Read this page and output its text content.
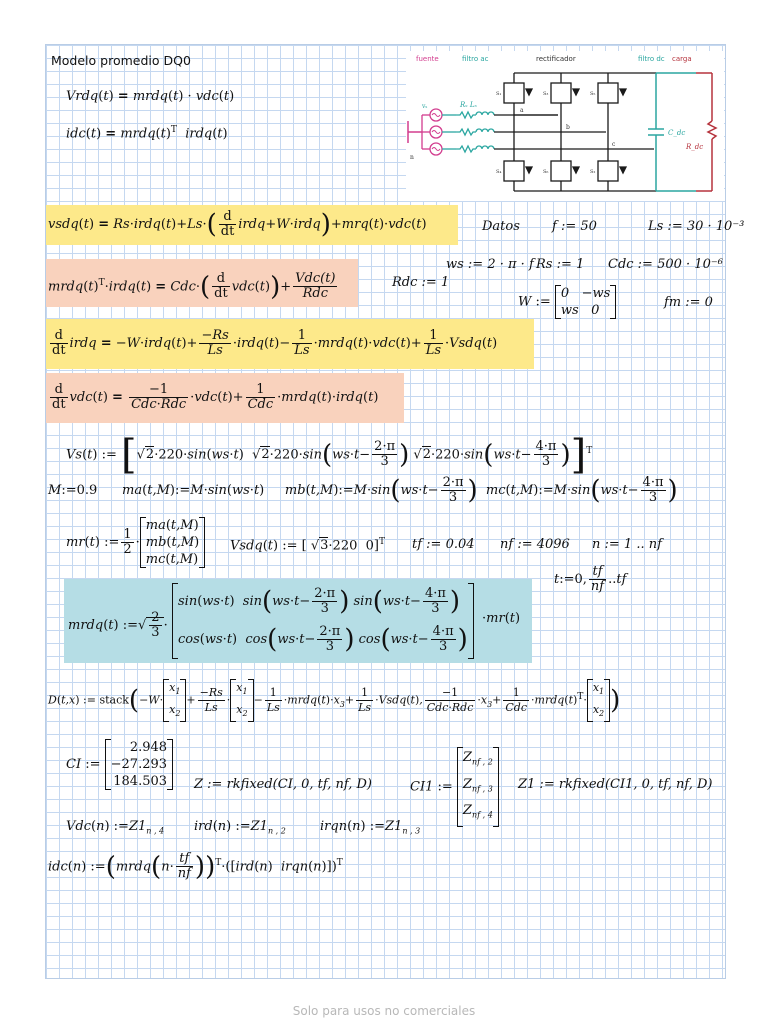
Modelo promedio DQ0
Vrdq(t) = mrdq(t) · vdc(t)
$idc(t) = mrdq(t)^T$  irdq(t)
fuente	filtro ac	rectificador	filtro dc carga
n
vₛ	Rₛ Lₛ
a
b
c
S₁	S₃	S₅
S₄	S₆	S₂
C_dc
R_dc
vsdq(t) = Rs·irdq(t)+Ls·( $\frac{d}{dt}$ irdq+W·irdq)+mrq(t)·vdc(t)	Datos f := 50	Ls := 30 · 10⁻³
$mrdq(t)^T\cdot irdq(t) = Cdc\cdot( \frac{d}{dt} vdc(t))+ \frac{\text{Vdc(t)}}{\text{Rdc}}$
ws := 2 · π · f Rs := 1 Cdc := 500 · 10⁻⁶
Rdc := 1
W :=
0   −ws
ws   0
fm := 0
$\frac{d}{dt}$ irdq = −W·irdq(t)+ $\frac{-Rs}{Ls}$ ·irdq(t)− $\frac{1}{Ls}$ ·mrdq(t)·vdc(t)+ $\frac{1}{Ls}$ ·Vsdq(t)
$\frac{d}{dt} vdc(t) = \frac{-1}{\text{Cdc·Rdc}} \cdot vdc(t)+ \frac{1}{\text{Cdc}}$ ·mrdq(t)·irdq(t)
Vs(t) := [√2·220·sin(ws·t) $√2\cdot 220\cdot\sin(ws\cdot t- \frac{2\cdot\pi}{3}$ ) $√2\cdot 220\cdot\sin(ws\cdot t- \frac{4\cdot\pi}{3} )]^T$
M:=0.9      ma(t,M):=M·sin(ws·t)     mb(t,M):=M·sin(ws·t− $\frac{2\cdot\pi}{3}$ )  mc(t,M):=M·sin(ws·t− $\frac{4\cdot\pi}{3}$ )
mr(t) := $\frac{1}{2}$ ·
ma(t,M)
mb(t,M)
mc(t,M)
Vsdq(t) := [ √3·220  0]$^T$ tf := 0.04 nf := 4096 n := 1 .. nf
t:=0, $\frac{tf}{nf} ..tf$
mrdq(t) :=√ $\frac{2}{3}$ ·
sin(ws·t)  $\sin(ws\cdot t- \frac{2\cdot\pi}{3}$ ) $\sin(ws\cdot t- \frac{4\cdot\pi}{3}$ )
cos(ws·t)  $\cos(ws\cdot t- \frac{2\cdot\pi}{3}$ ) $\cos(ws\cdot t- \frac{4\cdot\pi}{3}$ )
·mr(t)
D(t,x) := stack(−W·
$x_1$
$x_2$
+ $\frac{-Rs}{Ls}$ ·
$x_1$
$x_2$
− $\frac{1}{Ls}$ $\cdot mrdq(t)\cdot x_3+ \frac{1}{Ls}$ ·Vsdq(t), $\frac{-1}{\text{Cdc·Rdc}} \cdot x_3+ \frac{1}{\text{Cdc}}$ $\cdot mrdq(t)^T\cdot$
$x_1$
$x_2$ )
CI :=
2.948
−27.293
184.503 Z := rkfixed(CI, 0, tf, nf, D)	CI1 :=
$Z_{nf , 2}$
$Z_{nf , 3}$
$Z_{nf , 4}$
Z1 := rkfixed(CI1, 0, tf, nf, D)
Vdc(n) $:=Z1_{n , 4}$ ird(n) $:=Z1_{n , 2}$	irqn(n) $:=Z1_{n , 3}$
idc(n) :=(mrdq(n· $\frac{tf}{nf} ))^T\cdot([ird(n)$  irqn(n)])$^T$
Solo para usos no comerciales
